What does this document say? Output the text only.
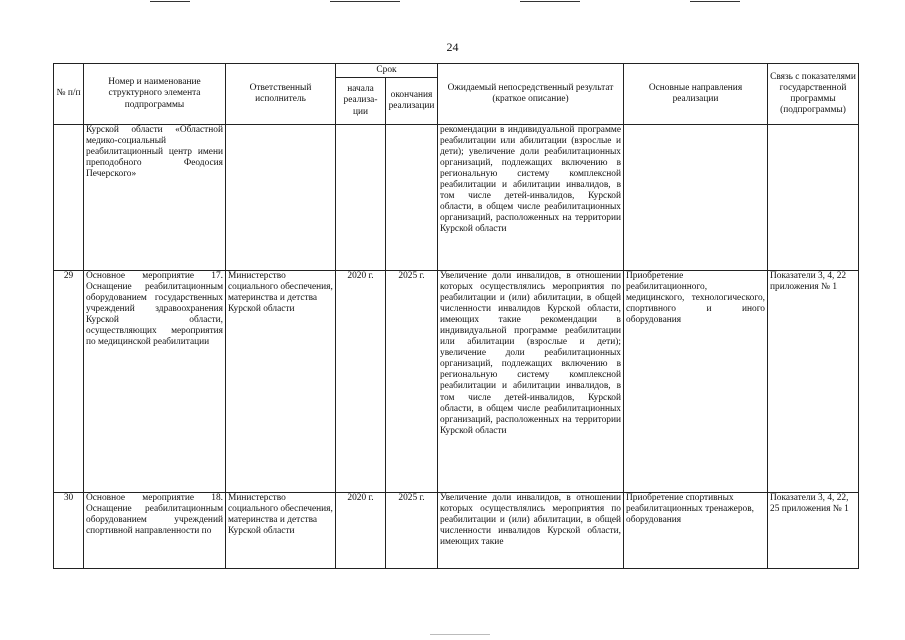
24
№ п/п	Номер и наименование структурного элемента подпрограммы	Ответственный исполнитель	Срок		Ожидаемый непосредственный результат (краткое описание)	Основные направления реализации	Связь с показателями государственной программы (подпрограммы)
			начала реализа-ции	окончания реализации			
	Курской области «Областной медико-социальный реабилитационный центр имени преподобного Феодосия Печерского»				рекомендации в индивидуальной программе реабилитации или абилитации (взрослые и дети); увеличение доли реабилитационных организаций, подлежащих включению в региональную систему комплексной реабилитации и абилитации инвалидов, в том числе детей-инвалидов, Курской области, в общем числе реабилитационных организаций, расположенных на территории Курской области		
29	Основное мероприятие 17. Оснащение реабилитационным оборудованием государственных учреждений здравоохранения Курской области, осуществляющих мероприятия по медицинской реабилитации	Министерство социального обеспечения, материнства и детства Курской области	2020 г.	2025 г.	Увеличение доли инвалидов, в отношении которых осуществлялись мероприятия по реабилитации и (или) абилитации, в общей численности инвалидов Курской области, имеющих такие рекомендации в индивидуальной программе реабилитации или абилитации (взрослые и дети); увеличение доли реабилитационных организаций, подлежащих включению в региональную систему комплексной реабилитации и абилитации инвалидов, в том числе детей-инвалидов, Курской области, в общем числе реабилитационных организаций, расположенных на территории Курской области	Приобретение реабилитационного, медицинского, технологического, спортивного и иного оборудования	Показатели 3, 4, 22 приложения № 1
30	Основное мероприятие 18. Оснащение реабилитационным оборудованием учреждений спортивной направленности по	Министерство социального обеспечения, материнства и детства Курской области	2020 г.	2025 г.	Увеличение доли инвалидов, в отношении которых осуществлялись мероприятия по реабилитации и (или) абилитации, в общей численности инвалидов Курской области, имеющих такие	Приобретение спортивных реабилитационных тренажеров, оборудования	Показатели 3, 4, 22, 25 приложения № 1
